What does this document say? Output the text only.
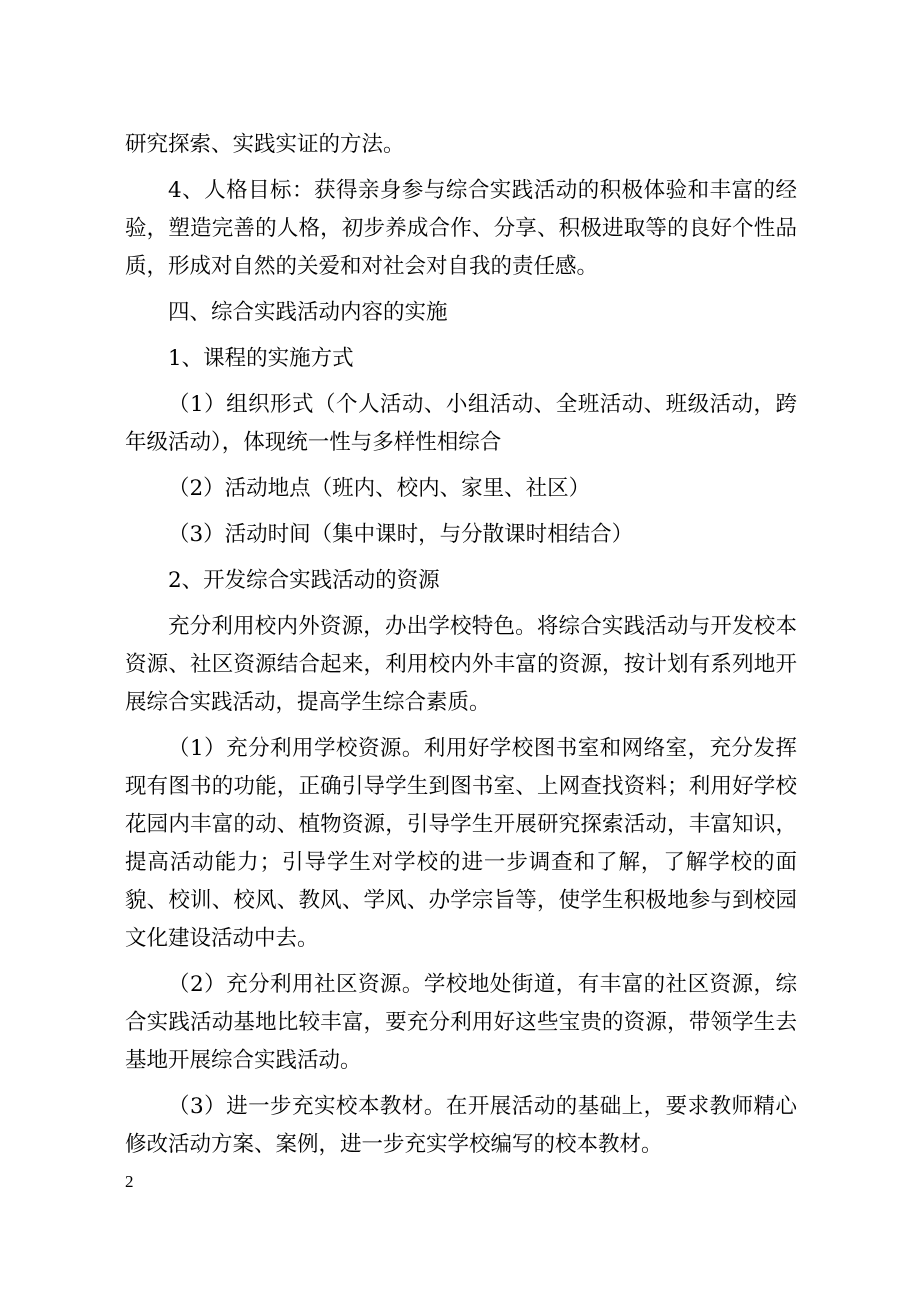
研究探索、实践实证的方法。

4、人格目标：获得亲身参与综合实践活动的积极体验和丰富的经验，塑造完善的人格，初步养成合作、分享、积极进取等的良好个性品质，形成对自然的关爱和对社会对自我的责任感。

四、综合实践活动内容的实施

1、课程的实施方式

（1）组织形式（个人活动、小组活动、全班活动、班级活动，跨年级活动），体现统一性与多样性相综合

（2）活动地点（班内、校内、家里、社区）

（3）活动时间（集中课时，与分散课时相结合）

2、开发综合实践活动的资源

充分利用校内外资源，办出学校特色。将综合实践活动与开发校本资源、社区资源结合起来，利用校内外丰富的资源，按计划有系列地开展综合实践活动，提高学生综合素质。

（1）充分利用学校资源。利用好学校图书室和网络室，充分发挥现有图书的功能，正确引导学生到图书室、上网查找资料；利用好学校花园内丰富的动、植物资源，引导学生开展研究探索活动，丰富知识，提高活动能力；引导学生对学校的进一步调查和了解，了解学校的面貌、校训、校风、教风、学风、办学宗旨等，使学生积极地参与到校园文化建设活动中去。

（2）充分利用社区资源。学校地处街道，有丰富的社区资源，综合实践活动基地比较丰富，要充分利用好这些宝贵的资源，带领学生去基地开展综合实践活动。

（3）进一步充实校本教材。在开展活动的基础上，要求教师精心修改活动方案、案例，进一步充实学校编写的校本教材。

2
